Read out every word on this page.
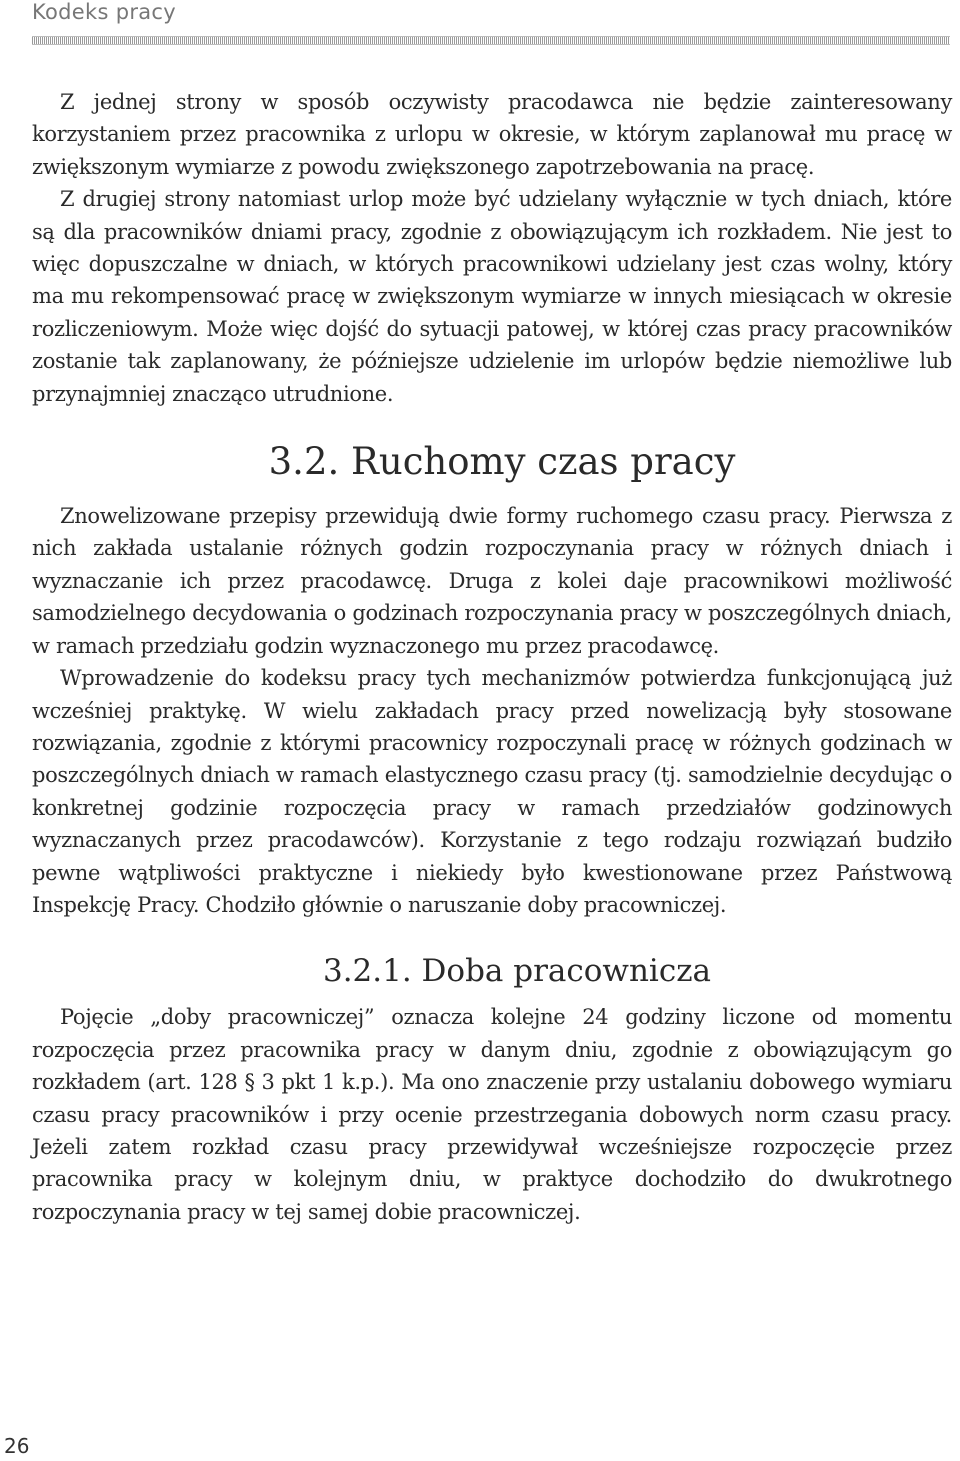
Kodeks pracy

Z jednej strony w sposób oczywisty pracodawca nie będzie zainteresowany korzystaniem przez pracownika z urlopu w okresie, w którym zaplanował mu pracę w zwiększonym wymiarze z powodu zwiększonego zapotrzebowania na pracę.

Z drugiej strony natomiast urlop może być udzielany wyłącznie w tych dniach, które są dla pracowników dniami pracy, zgodnie z obowiązującym ich rozkładem. Nie jest to więc dopuszczalne w dniach, w których pracownikowi udzielany jest czas wolny, który ma mu rekompensować pracę w zwiększonym wymiarze w innych miesiącach w okresie rozliczeniowym. Może więc dojść do sytuacji patowej, w której czas pracy pracowników zostanie tak zaplanowany, że późniejsze udzielenie im urlopów będzie niemożliwe lub przynajmniej znacząco utrudnione.

3.2. Ruchomy czas pracy

Znowelizowane przepisy przewidują dwie formy ruchomego czasu pracy. Pierwsza z nich zakłada ustalanie różnych godzin rozpoczynania pracy w różnych dniach i wyznaczanie ich przez pracodawcę. Druga z kolei daje pracownikowi możliwość samodzielnego decydowania o godzinach rozpoczynania pracy w poszczególnych dniach, w ramach przedziału godzin wyznaczonego mu przez pracodawcę.

Wprowadzenie do kodeksu pracy tych mechanizmów potwierdza funkcjonującą już wcześniej praktykę. W wielu zakładach pracy przed nowelizacją były stosowane rozwiązania, zgodnie z którymi pracownicy rozpoczynali pracę w różnych godzinach w poszczególnych dniach w ramach elastycznego czasu pracy (tj. samodzielnie decydując o konkretnej godzinie rozpoczęcia pracy w ramach przedziałów godzinowych wyznaczanych przez pracodawców). Korzystanie z tego rodzaju rozwiązań budziło pewne wątpliwości praktyczne i niekiedy było kwestionowane przez Państwową Inspekcję Pracy. Chodziło głównie o naruszanie doby pracowniczej.

3.2.1. Doba pracownicza

Pojęcie „doby pracowniczej” oznacza kolejne 24 godziny liczone od momentu rozpoczęcia przez pracownika pracy w danym dniu, zgodnie z obowiązującym go rozkładem (art. 128 § 3 pkt 1 k.p.). Ma ono znaczenie przy ustalaniu dobowego wymiaru czasu pracy pracowników i przy ocenie przestrzegania dobowych norm czasu pracy. Jeżeli zatem rozkład czasu pracy przewidywał wcześniejsze rozpoczęcie przez pracownika pracy w kolejnym dniu, w praktyce dochodziło do dwukrotnego rozpoczynania pracy w tej samej dobie pracowniczej.

26
